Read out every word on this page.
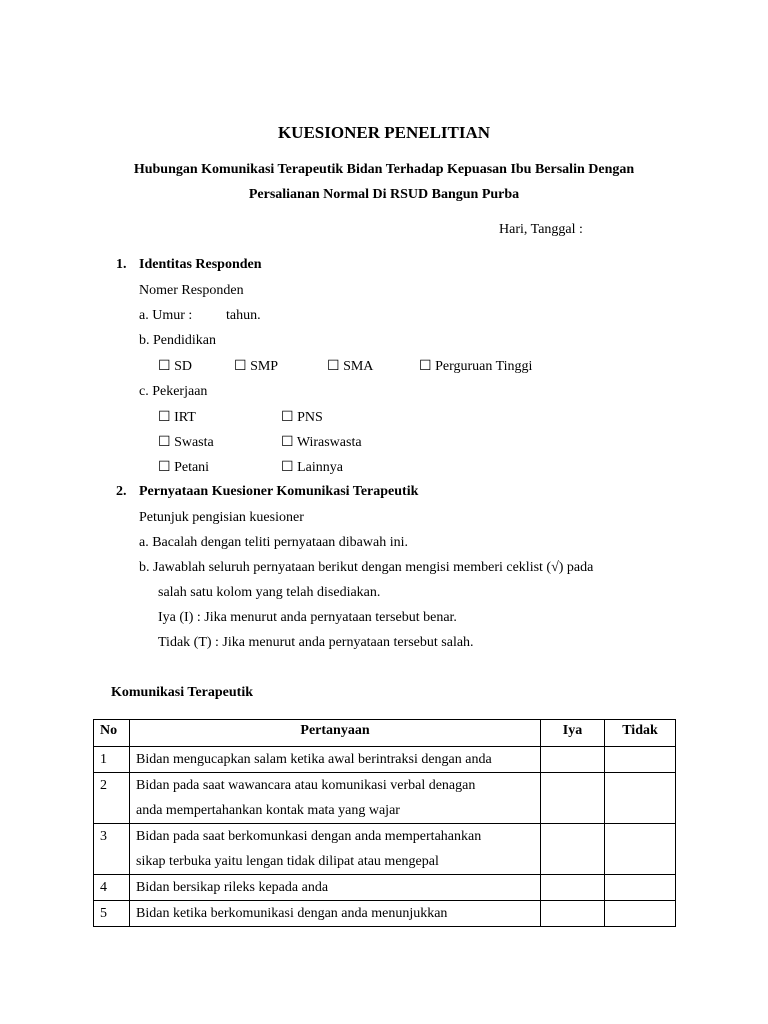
KUESIONER PENELITIAN
Hubungan Komunikasi Terapeutik Bidan Terhadap Kepuasan Ibu Bersalin Dengan
Persalianan Normal Di RSUD Bangun Purba
Hari, Tanggal :
1. Identitas Responden
Nomer Responden
a. Umur : tahun.
b. Pendidikan
☐ SD	☐ SMP	☐ SMA	☐ Perguruan Tinggi
c. Pekerjaan
☐ IRT	☐ PNS
☐ Swasta	☐ Wiraswasta
☐ Petani	☐ Lainnya
2. Pernyataan Kuesioner Komunikasi Terapeutik
Petunjuk pengisian kuesioner
a. Bacalah dengan teliti pernyataan dibawah ini.
b. Jawablah seluruh pernyataan berikut dengan mengisi memberi ceklist (√) pada
salah satu kolom yang telah disediakan.
Iya (I) : Jika menurut anda pernyataan tersebut benar.
Tidak (T) : Jika menurut anda pernyataan tersebut salah.
Komunikasi Terapeutik
No	Pertanyaan	Iya	Tidak
1	Bidan mengucapkan salam ketika awal berintraksi dengan anda		

2	Bidan pada saat wawancara atau komunikasi verbal denagan
anda mempertahankan kontak mata yang wajar		

3	Bidan pada saat berkomunkasi dengan anda mempertahankan
sikap terbuka yaitu lengan tidak dilipat atau mengepal		

4	Bidan bersikap rileks kepada anda		

5	Bidan ketika berkomunikasi dengan anda menunjukkan		
